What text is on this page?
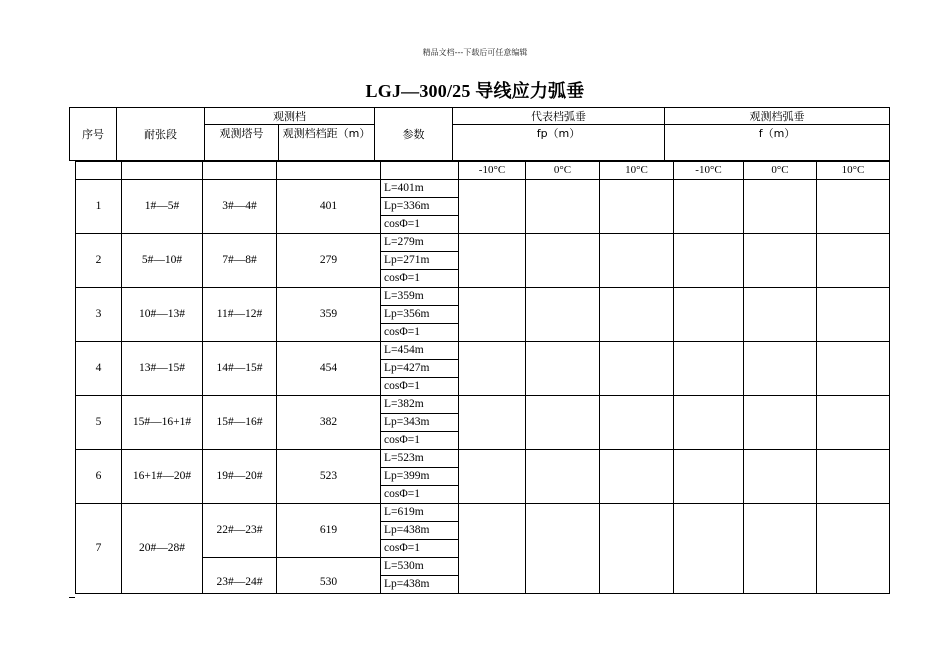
精品文档---下载后可任意编辑
LGJ—300/25 导线应力弧垂
序号	耐张段	观测档		参数	代表档弧垂	观测档弧垂
		观测塔号	观测档档距（m）		fp（m）	f（m）
					-10°C	0°C	10°C	-10°C	0°C	10°C
1	1#—5#	3#—4#	401	L=401m						
				Lp=336m						
				cosΦ=1						
2	5#—10#	7#—8#	279	L=279m						
				Lp=271m						
				cosΦ=1						
3	10#—13#	11#—12#	359	L=359m						
				Lp=356m						
				cosΦ=1						
4	13#—15#	14#—15#	454	L=454m						
				Lp=427m						
				cosΦ=1						
5	15#—16+1#	15#—16#	382	L=382m						
				Lp=343m						
				cosΦ=1						
6	16+1#—20#	19#—20#	523	L=523m						
				Lp=399m						
				cosΦ=1						
7	20#—28#	22#—23#	619	L=619m						
				Lp=438m						
				cosΦ=1						
		23#—24#	530	L=530m						
				Lp=438m						
